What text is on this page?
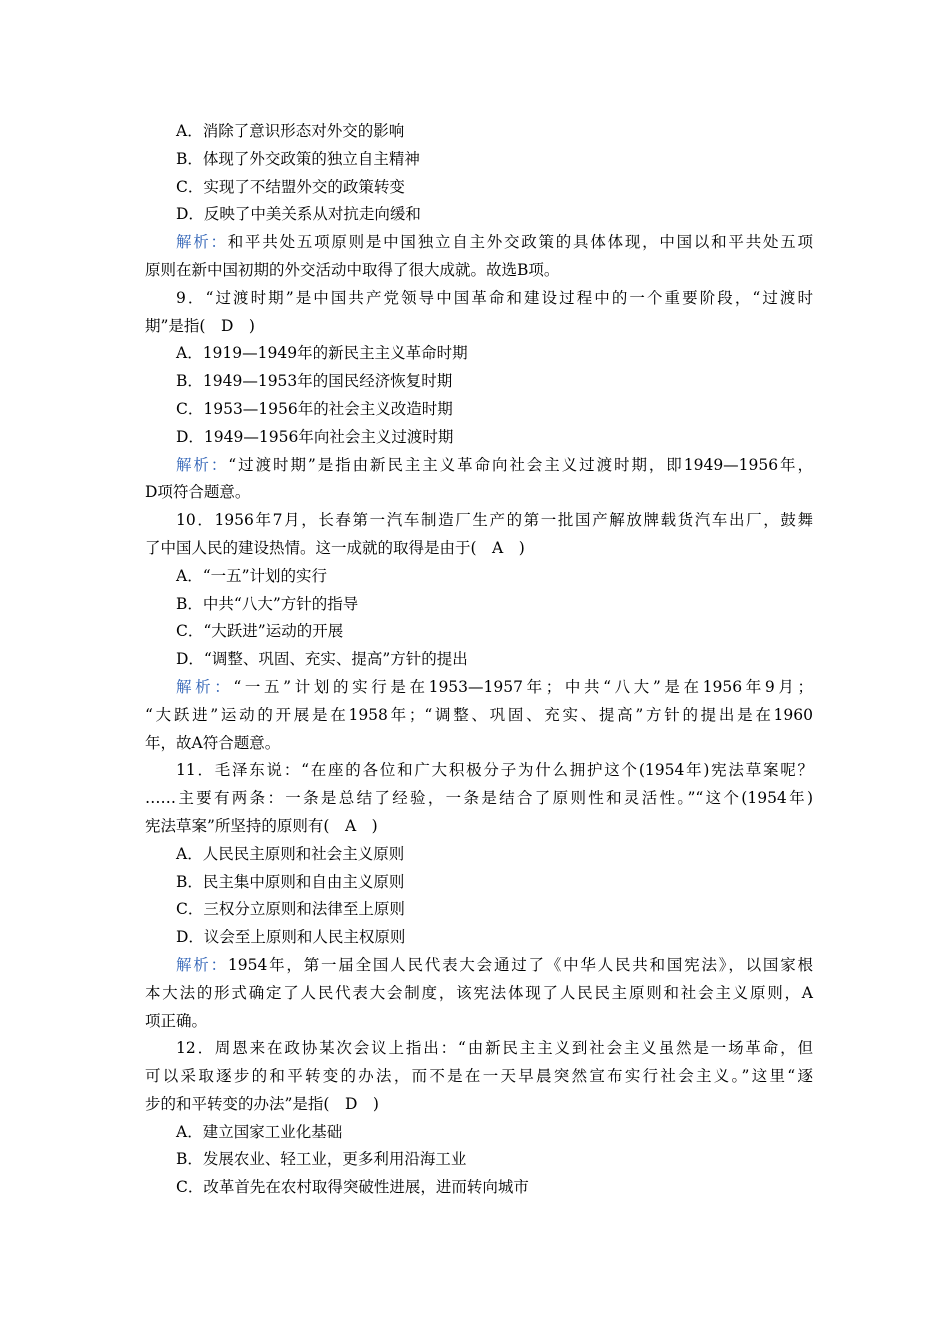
A．消除了意识形态对外交的影响
B．体现了外交政策的独立自主精神
C．实现了不结盟外交的政策转变
D．反映了中美关系从对抗走向缓和
解析：和平共处五项原则是中国独立自主外交政策的具体体现，中国以和平共处五项
原则在新中国初期的外交活动中取得了很大成就。故选B项。
9．“过渡时期”是中国共产党领导中国革命和建设过程中的一个重要阶段，“过渡时
期”是指(　D　)
A．1919—1949年的新民主主义革命时期
B．1949—1953年的国民经济恢复时期
C．1953—1956年的社会主义改造时期
D．1949—1956年向社会主义过渡时期
解析：“过渡时期”是指由新民主主义革命向社会主义过渡时期，即1949—1956年，
D项符合题意。
10．1956年7月，长春第一汽车制造厂生产的第一批国产解放牌载货汽车出厂，鼓舞
了中国人民的建设热情。这一成就的取得是由于(　A　)
A．“一五”计划的实行
B．中共“八大”方针的指导
C．“大跃进”运动的开展
D．“调整、巩固、充实、提高”方针的提出
解析：“一五”计划的实行是在1953—1957年；中共“八大”是在1956年9月；
“大跃进”运动的开展是在1958年；“调整、巩固、充实、提高”方针的提出是在1960
年，故A符合题意。
11．毛泽东说：“在座的各位和广大积极分子为什么拥护这个(1954年)宪法草案呢？
……主要有两条：一条是总结了经验，一条是结合了原则性和灵活性。”“这个(1954年)
宪法草案”所坚持的原则有(　A　)
A．人民民主原则和社会主义原则
B．民主集中原则和自由主义原则
C．三权分立原则和法律至上原则
D．议会至上原则和人民主权原则
解析：1954年，第一届全国人民代表大会通过了《中华人民共和国宪法》，以国家根
本大法的形式确定了人民代表大会制度，该宪法体现了人民民主原则和社会主义原则，A
项正确。
12．周恩来在政协某次会议上指出：“由新民主主义到社会主义虽然是一场革命，但
可以采取逐步的和平转变的办法，而不是在一天早晨突然宣布实行社会主义。”这里“逐
步的和平转变的办法”是指(　D　)
A．建立国家工业化基础
B．发展农业、轻工业，更多利用沿海工业
C．改革首先在农村取得突破性进展，进而转向城市
